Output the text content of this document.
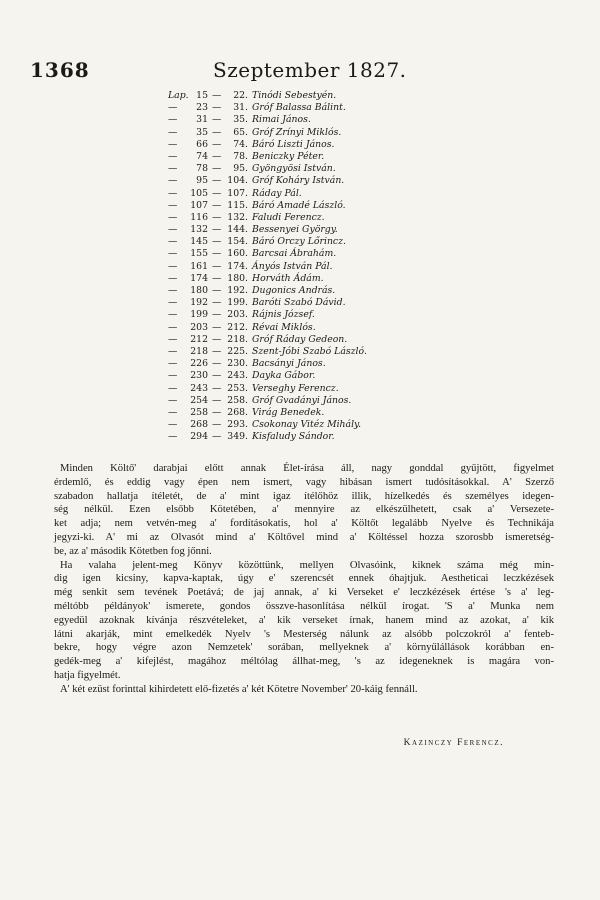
1368	Szeptember 1827.
Lap. 15 —	22. Tinódi Sebestyén.
—	23 —	31. Gróf Balassa Bálint.
—	31 —	35. Rimai János.
—	35 —	65. Gróf Zrínyi Miklós.
—	66 —	74. Báró Liszti János.
—	74 —	78. Beniczky Péter.
—	78 —	95. Gyöngyösi István.
—	95 — 104. Gróf Koháry István.
—	105 — 107. Ráday Pál.
—	107 — 115. Báró Amadé László.
—	116 — 132. Faludi Ferencz.
—	132 — 144. Bessenyei György.
—	145 — 154. Báró Orczy Lőrincz.
—	155 — 160. Barcsai Ábrahám.
—	161 — 174. Ányós István Pál.
—	174 — 180. Horváth Ádám.
—	180 — 192. Dugonics András.
—	192 — 199. Baróti Szabó Dávid.
—	199 — 203. Rájnis József.
—	203 — 212. Révai Miklós.
—	212 — 218. Gróf Ráday Gedeon.
—	218 — 225. Szent-Jóbi Szabó László.
—	226 — 230. Bacsányi János.
—	230 — 243. Dayka Gábor.
—	243 — 253. Verseghy Ferencz.
—	254 — 258. Gróf Gvadányi János.
—	258 — 268. Virág Benedek.
—	268 — 293. Csokonay Vitéz Mihály.
—	294 — 349. Kisfaludy Sándor.
Minden Költő' darabjai előtt annak Élet-írása áll, nagy gonddal gyűjtött, figyelmet
érdemlő, és eddig vagy épen nem ismert, vagy hibásan ismert tudósításokkal. A' Szerző
szabadon hallatja ítéletét, de a' mint igaz ítélőhöz illik, hízelkedés és személyes idegen-
ség nélkül. Ezen elsőbb Kötetében, a' mennyire az elkészülhetett, csak a' Versezete-
ket adja; nem vetvén-meg a' fordításokatis, hol a' Költőt legalább Nyelve és Technikája
jegyzi-ki. A' mi az Olvasót mind a' Költővel mind a' Költéssel hozza szorosbb ismeretség-
be, az a' második Kötetben fog jőnni.
Ha valaha jelent-meg Könyv közöttünk, mellyen Olvasóink, kiknek száma még min-
dig igen kicsiny, kapva-kaptak, úgy e' szerencsét ennek óhajtjuk. Aestheticai leczkézések
még senkit sem tevének Poetává; de jaj annak, a' ki Verseket e' leczkézések értése 's a' leg-
méltóbb példányok' ismerete, gondos összve-hasonlítása nélkül írogat. 'S a' Munka nem
egyedül azoknak kívánja részvételeket, a' kik verseket írnak, hanem mind az azokat, a' kik
látni akarják, mint emelkedék Nyelv 's Mesterség nálunk az alsóbb polczokról a' fenteb-
bekre, hogy végre azon Nemzetek' sorában, mellyeknek a' környűlállások korábban en-
gedék-meg a' kifejlést, magához méltólag állhat-meg, 's az idegeneknek is magára von-
hatja figyelmét.
A' két ezüst forinttal kihirdetett elő-fizetés a' két Kötetre November' 20-káig fennáll.
Kazinczy Ferencz.
